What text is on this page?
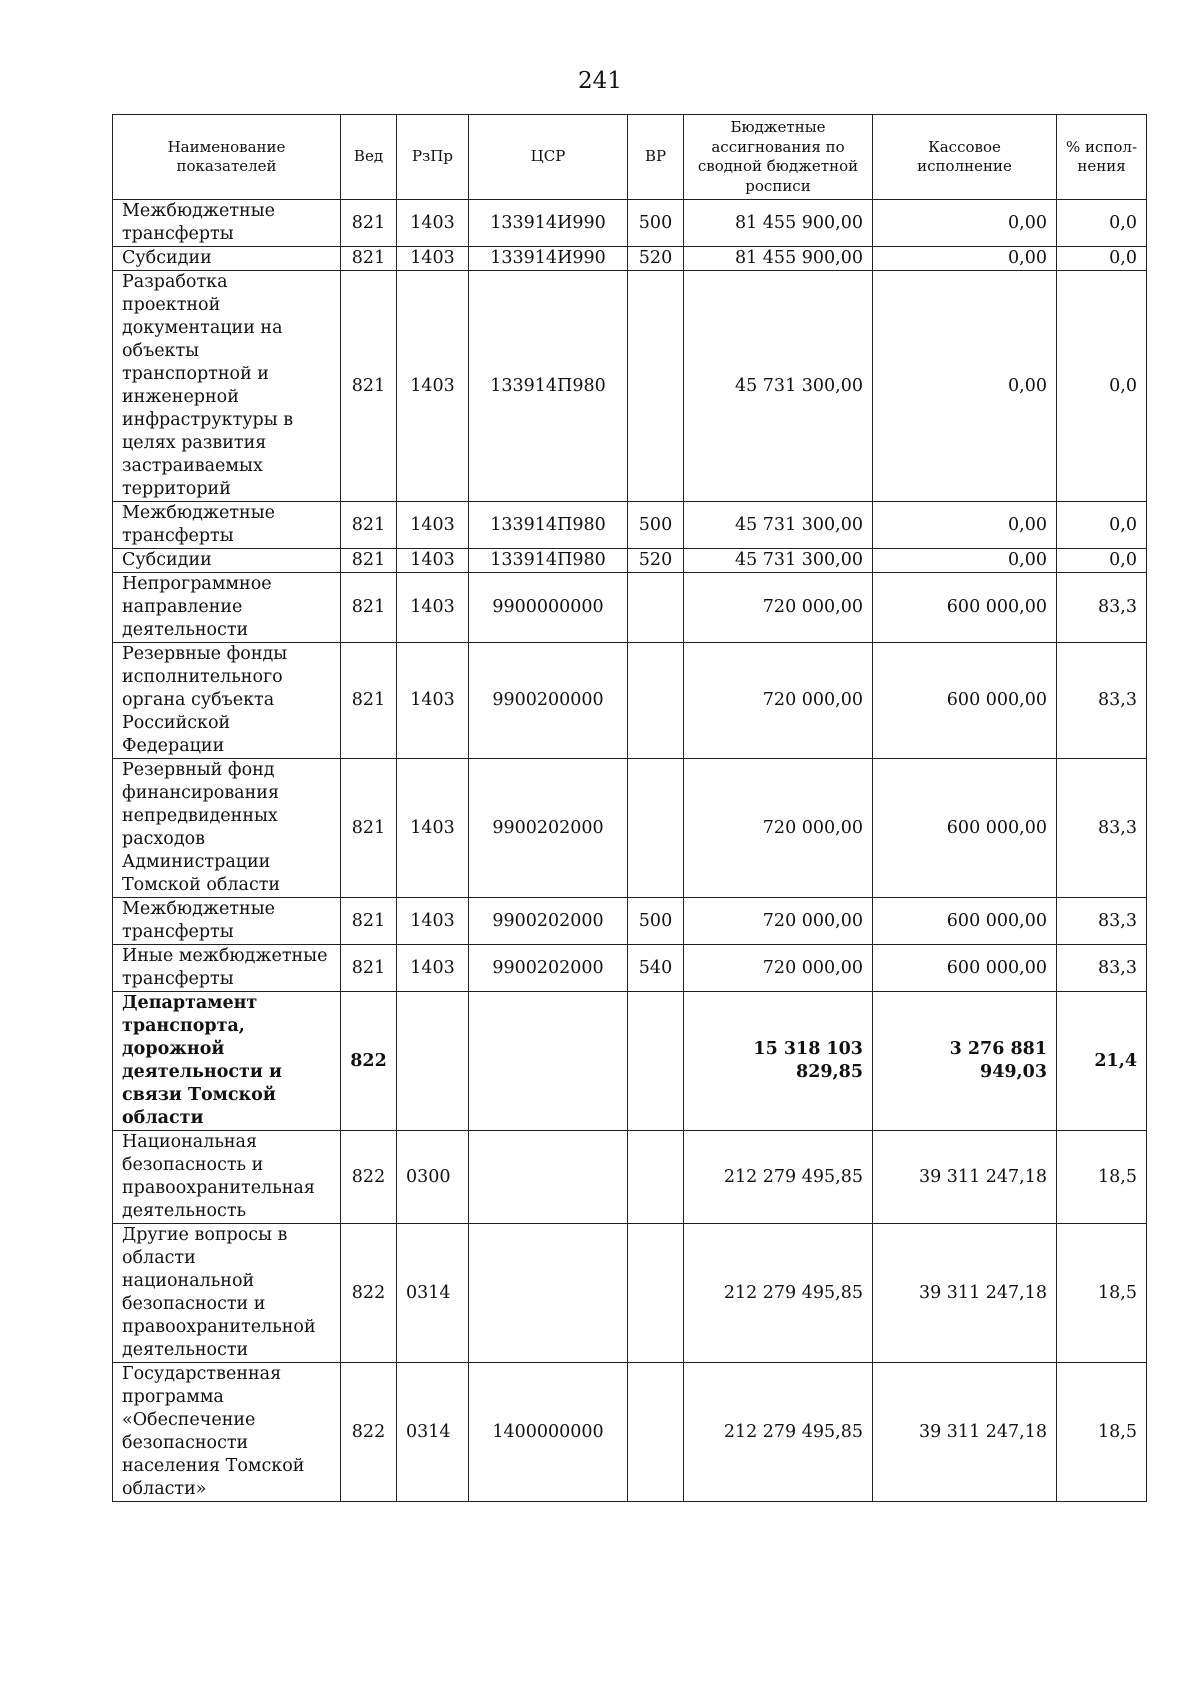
241
Наименование показателей	Вед	РзПр	ЦСР	ВР	Бюджетные ассигнования по сводной бюджетной росписи	Кассовое исполнение	% испол-нения
Межбюджетные трансферты	821	1403	133914И990	500	81 455 900,00	0,00	0,0
Субсидии	821	1403	133914И990	520	81 455 900,00	0,00	0,0
Разработка проектной документации на объекты транспортной и инженерной инфраструктуры в целях развития застраиваемых территорий	821	1403	133914П980		45 731 300,00	0,00	0,0
Межбюджетные трансферты	821	1403	133914П980	500	45 731 300,00	0,00	0,0
Субсидии	821	1403	133914П980	520	45 731 300,00	0,00	0,0
Непрограммное направление деятельности	821	1403	9900000000		720 000,00	600 000,00	83,3
Резервные фонды исполнительного органа субъекта Российской Федерации	821	1403	9900200000		720 000,00	600 000,00	83,3
Резервный фонд финансирования непредвиденных расходов Администрации Томской области	821	1403	9900202000		720 000,00	600 000,00	83,3
Межбюджетные трансферты	821	1403	9900202000	500	720 000,00	600 000,00	83,3
Иные межбюджетные трансферты	821	1403	9900202000	540	720 000,00	600 000,00	83,3
Департамент транспорта, дорожной деятельности и связи Томской области	822				15 318 103 829,85	3 276 881 949,03	21,4
Национальная безопасность и правоохранительная деятельность	822	0300			212 279 495,85	39 311 247,18	18,5
Другие вопросы в области национальной безопасности и правоохранительной деятельности	822	0314			212 279 495,85	39 311 247,18	18,5
Государственная программа «Обеспечение безопасности населения Томской области»	822	0314	1400000000		212 279 495,85	39 311 247,18	18,5
